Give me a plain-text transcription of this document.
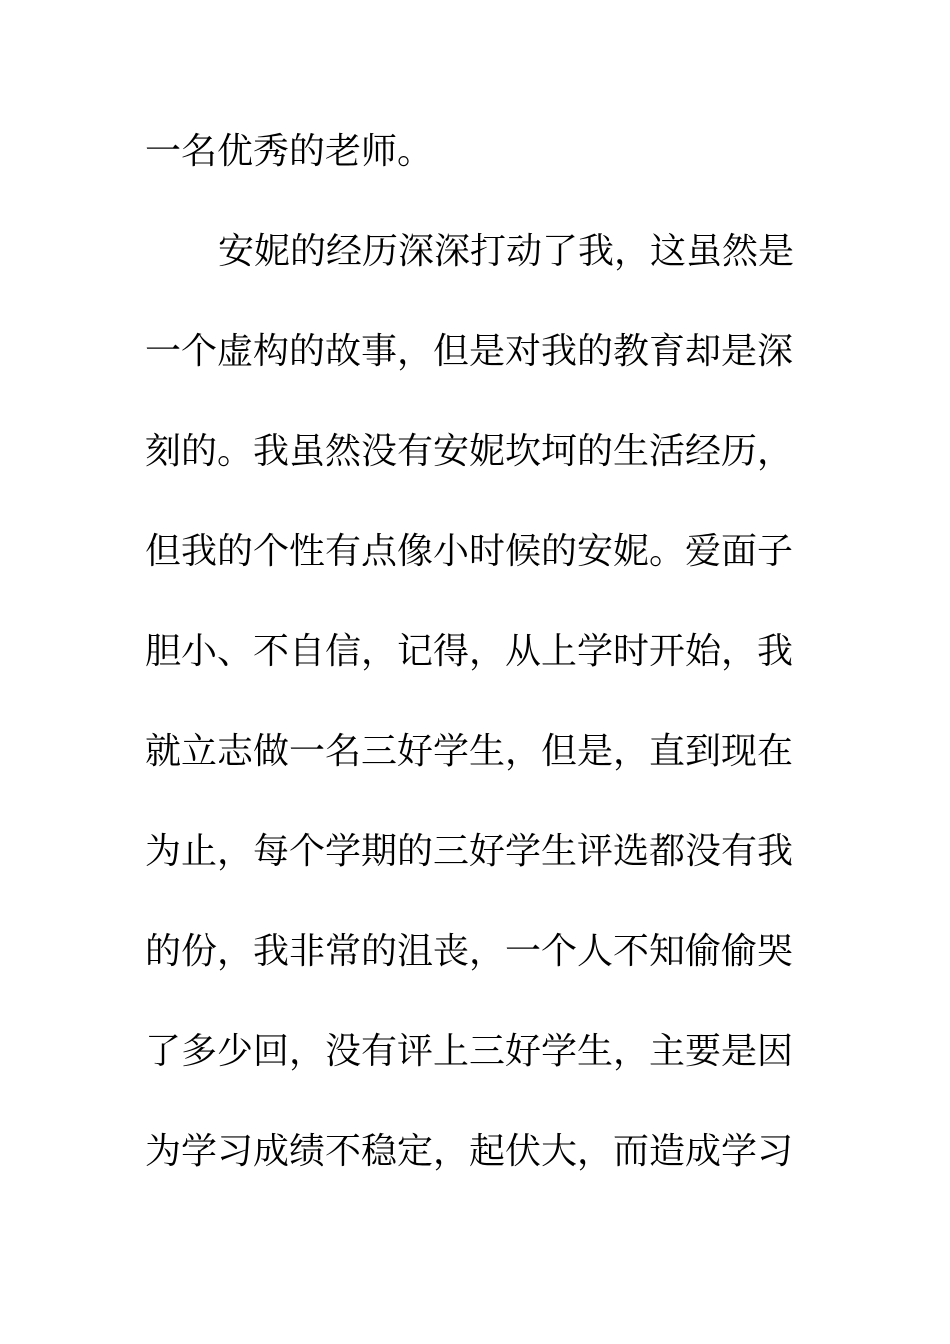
一名优秀的老师。
安妮的经历深深打动了我，这虽然是
一个虚构的故事，但是对我的教育却是深
刻的。我虽然没有安妮坎坷的生活经历，
但我的个性有点像小时候的安妮。爱面子
胆小、不自信，记得，从上学时开始，我
就立志做一名三好学生，但是，直到现在
为止，每个学期的三好学生评选都没有我
的份，我非常的沮丧，一个人不知偷偷哭
了多少回，没有评上三好学生，主要是因
为学习成绩不稳定，起伏大，而造成学习
